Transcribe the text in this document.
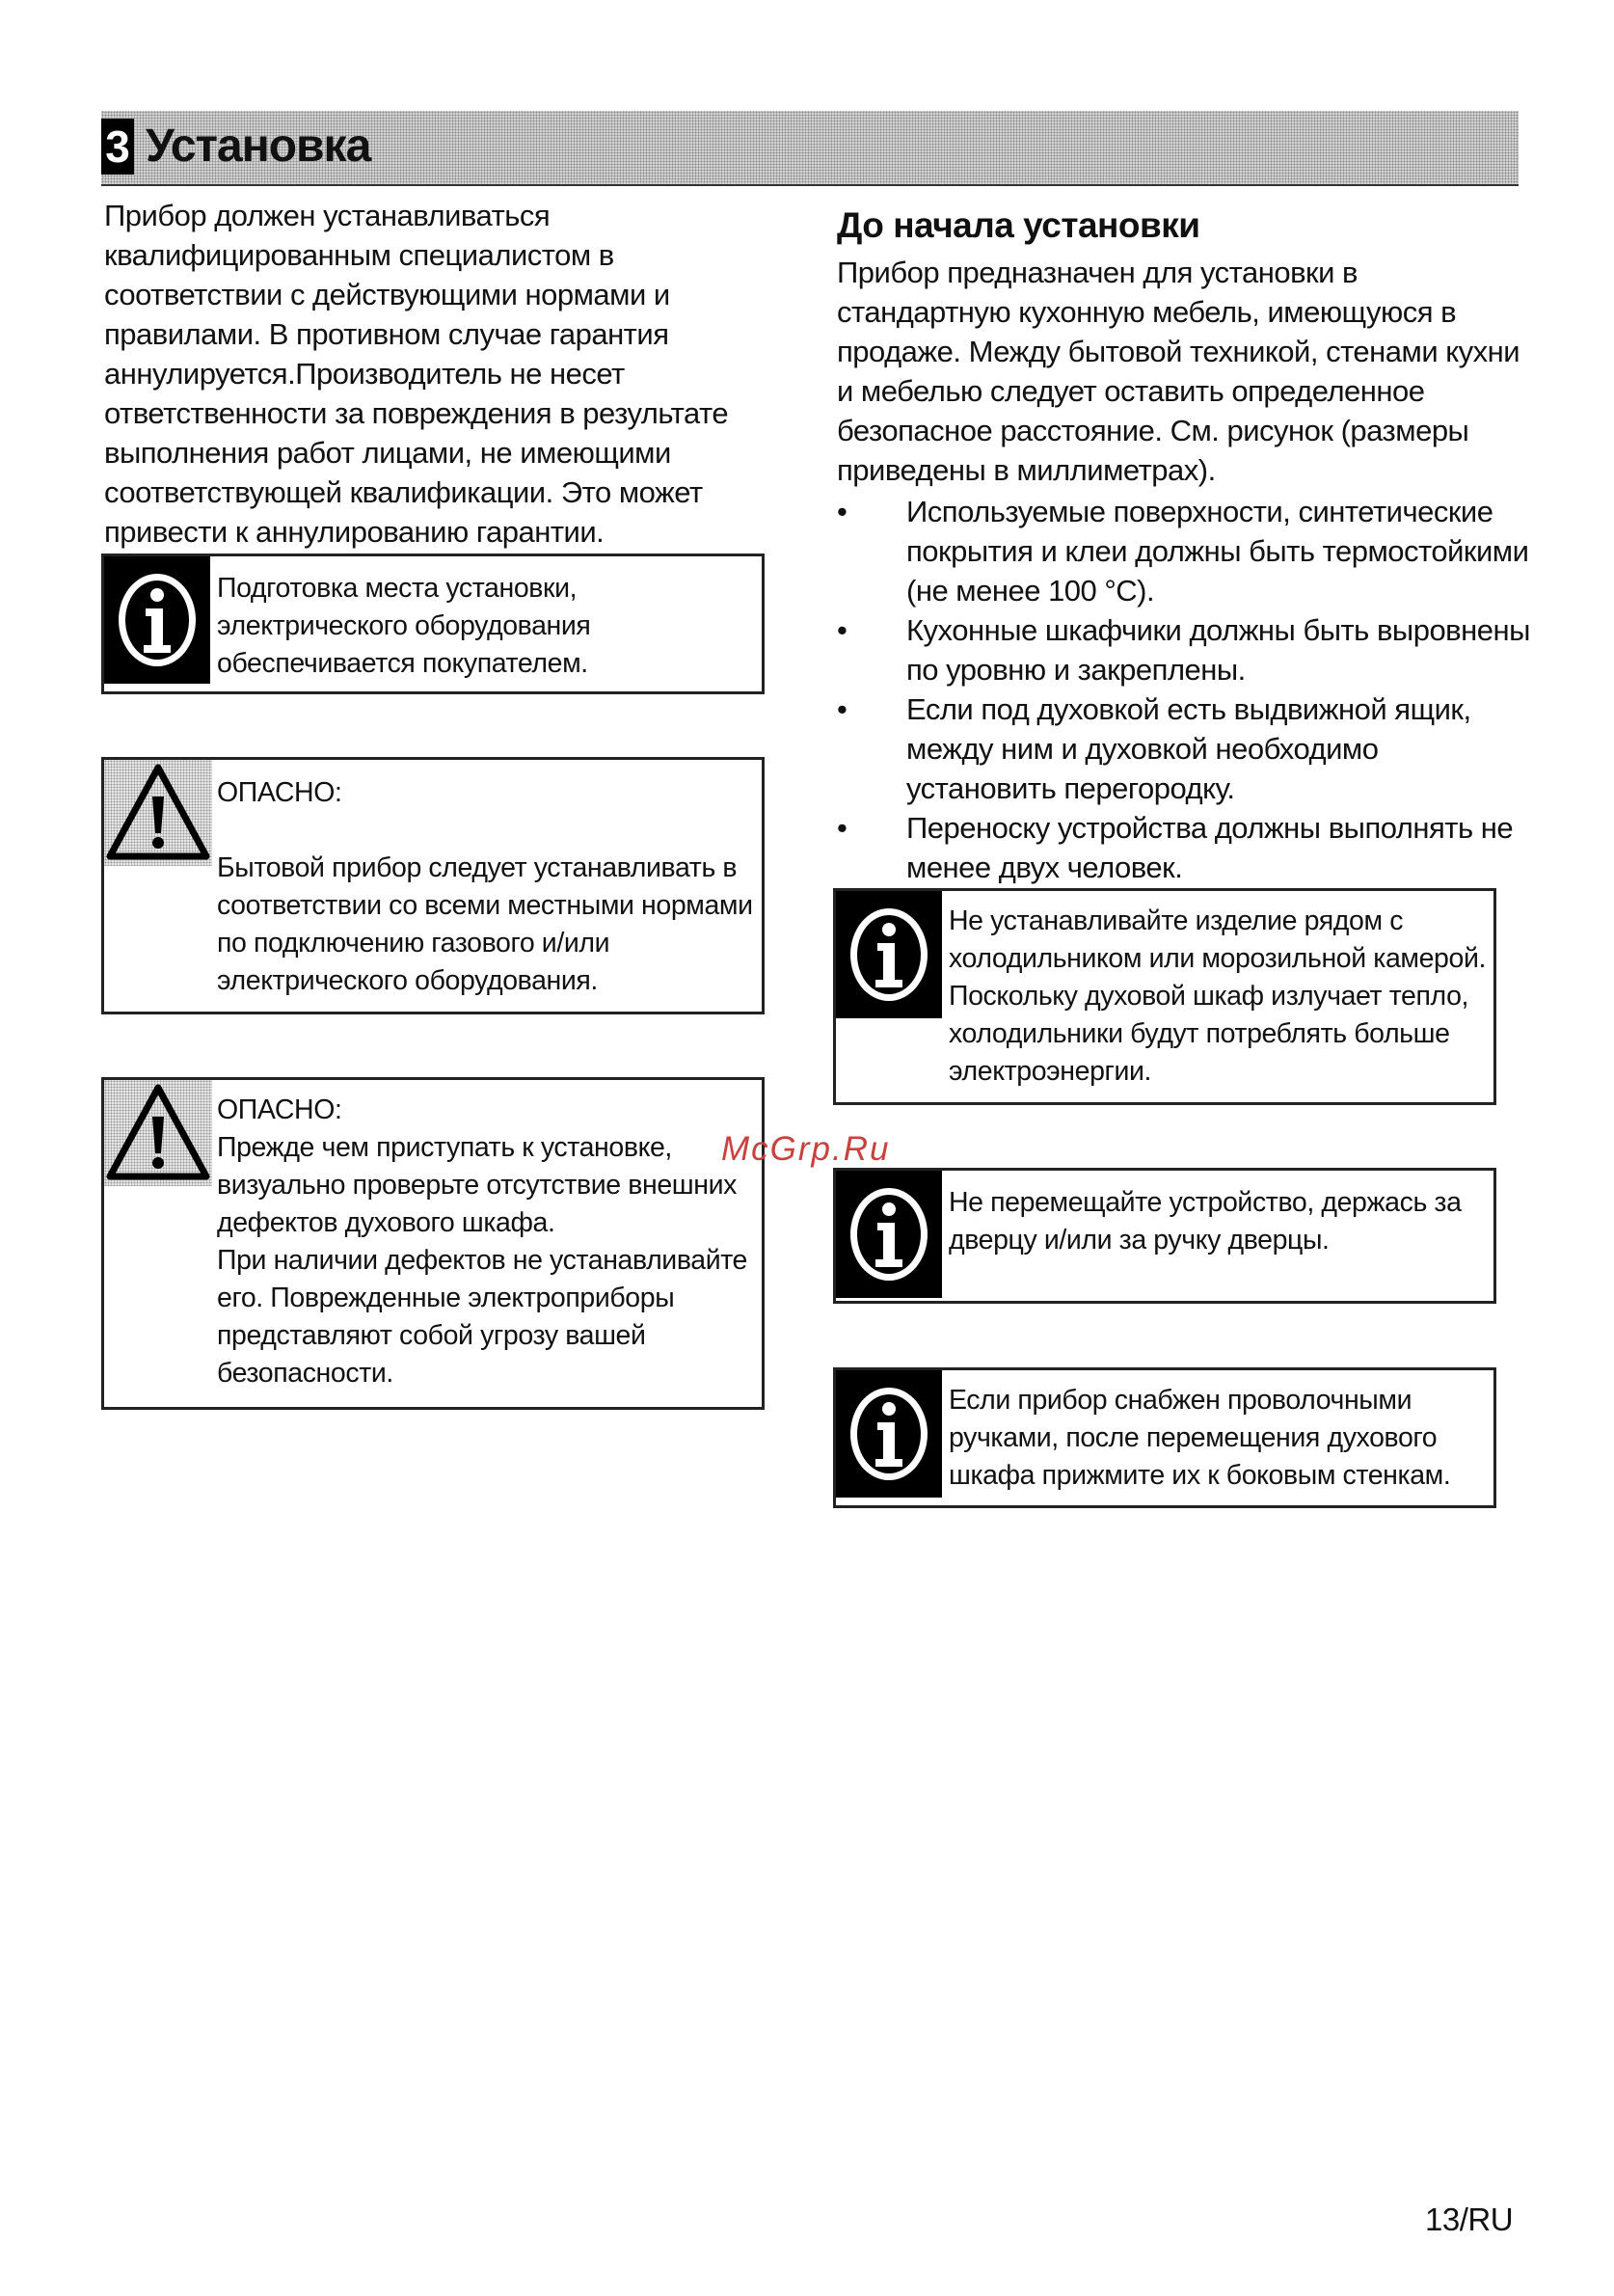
3 Установка

Прибор должен устанавливаться квалифицированным специалистом в соответствии с действующими нормами и правилами. В противном случае гарантия аннулируется.Производитель не несет ответственности за повреждения в результате выполнения работ лицами, не имеющими соответствующей квалификации. Это может привести к аннулированию гарантии.

Подготовка места установки, электрического оборудования обеспечивается покупателем.

ОПАСНО:

Бытовой прибор следует устанавливать в соответствии со всеми местными нормами по подключению газового и/или электрического оборудования.

ОПАСНО:

Прежде чем приступать к установке, визуально проверьте отсутствие внешних дефектов духового шкафа.

При наличии дефектов не устанавливайте его. Поврежденные электроприборы представляют собой угрозу вашей безопасности.

До начала установки

Прибор предназначен для установки в стандартную кухонную мебель, имеющуюся в продаже. Между бытовой техникой, стенами кухни и мебелью следует оставить определенное безопасное расстояние. См. рисунок (размеры приведены в миллиметрах).

• Используемые поверхности, синтетические покрытия и клеи должны быть термостойкими (не менее 100 °C).
• Кухонные шкафчики должны быть выровнены по уровню и закреплены.
• Если под духовкой есть выдвижной ящик, между ним и духовкой необходимо установить перегородку.
• Переноску устройства должны выполнять не менее двух человек.
Не устанавливайте изделие рядом с холодильником или морозильной камерой. Поскольку духовой шкаф излучает тепло, холодильники будут потреблять больше электроэнергии.
Не перемещайте устройство, держась за дверцу и/или за ручку дверцы.
Если прибор снабжен проволочными ручками, после перемещения духового шкафа прижмите их к боковым стенкам.
McGrp.Ru
13/RU
